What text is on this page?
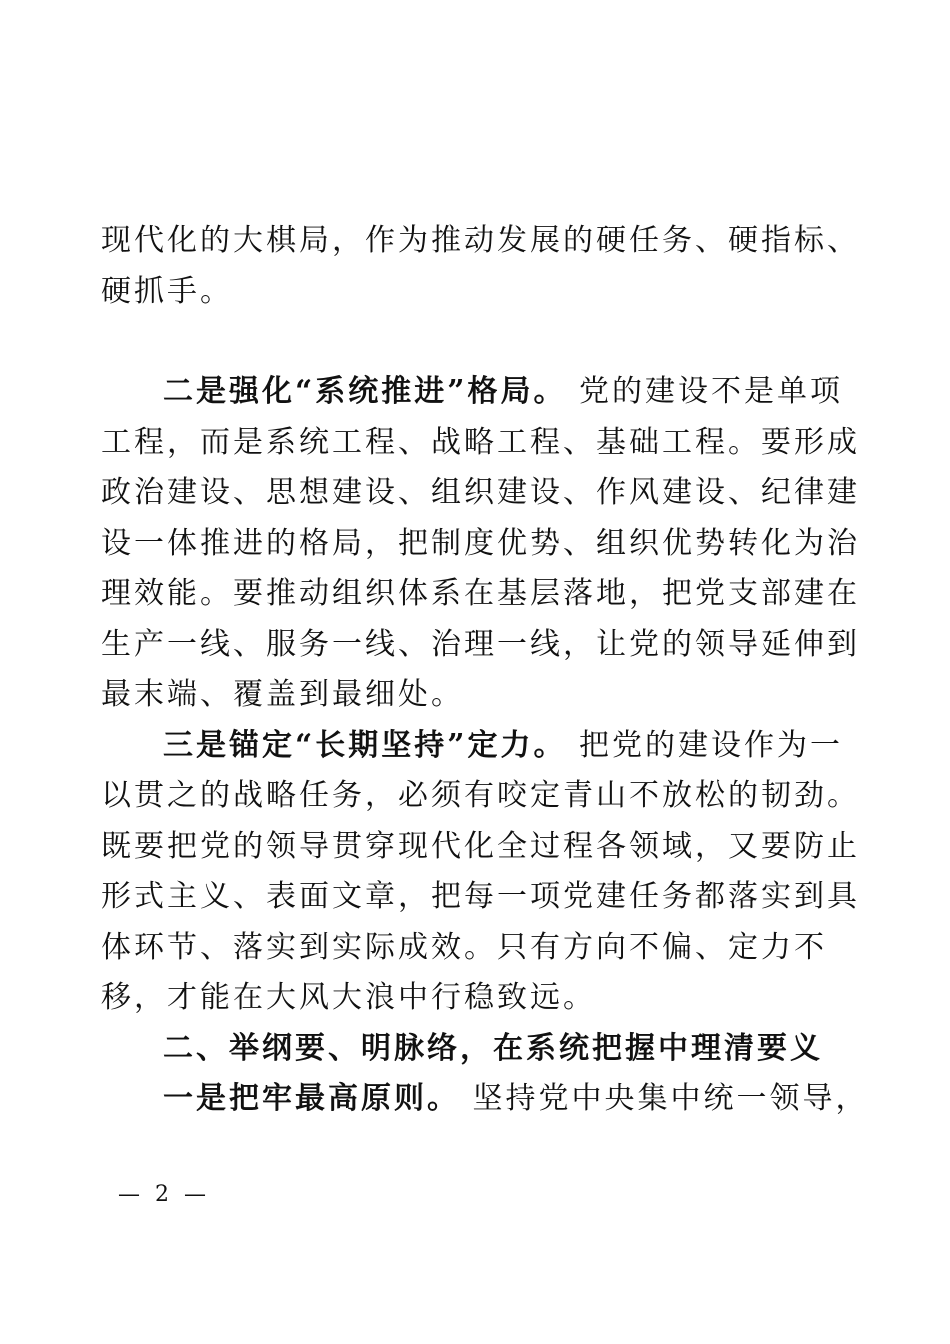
现代化的大棋局，作为推动发展的硬任务、硬指标、
硬抓手。
二是强化“系统推进”格局。 党的建设不是单项
工程，而是系统工程、战略工程、基础工程。要形成
政治建设、思想建设、组织建设、作风建设、纪律建
设一体推进的格局，把制度优势、组织优势转化为治
理效能。要推动组织体系在基层落地，把党支部建在
生产一线、服务一线、治理一线，让党的领导延伸到
最末端、覆盖到最细处。
三是锚定“长期坚持”定力。 把党的建设作为一
以贯之的战略任务，必须有咬定青山不放松的韧劲。
既要把党的领导贯穿现代化全过程各领域，又要防止
形式主义、表面文章，把每一项党建任务都落实到具
体环节、落实到实际成效。只有方向不偏、定力不
移，才能在大风大浪中行稳致远。
二、举纲要、明脉络，在系统把握中理清要义
一是把牢最高原则。 坚持党中央集中统一领导，
— 2 —
